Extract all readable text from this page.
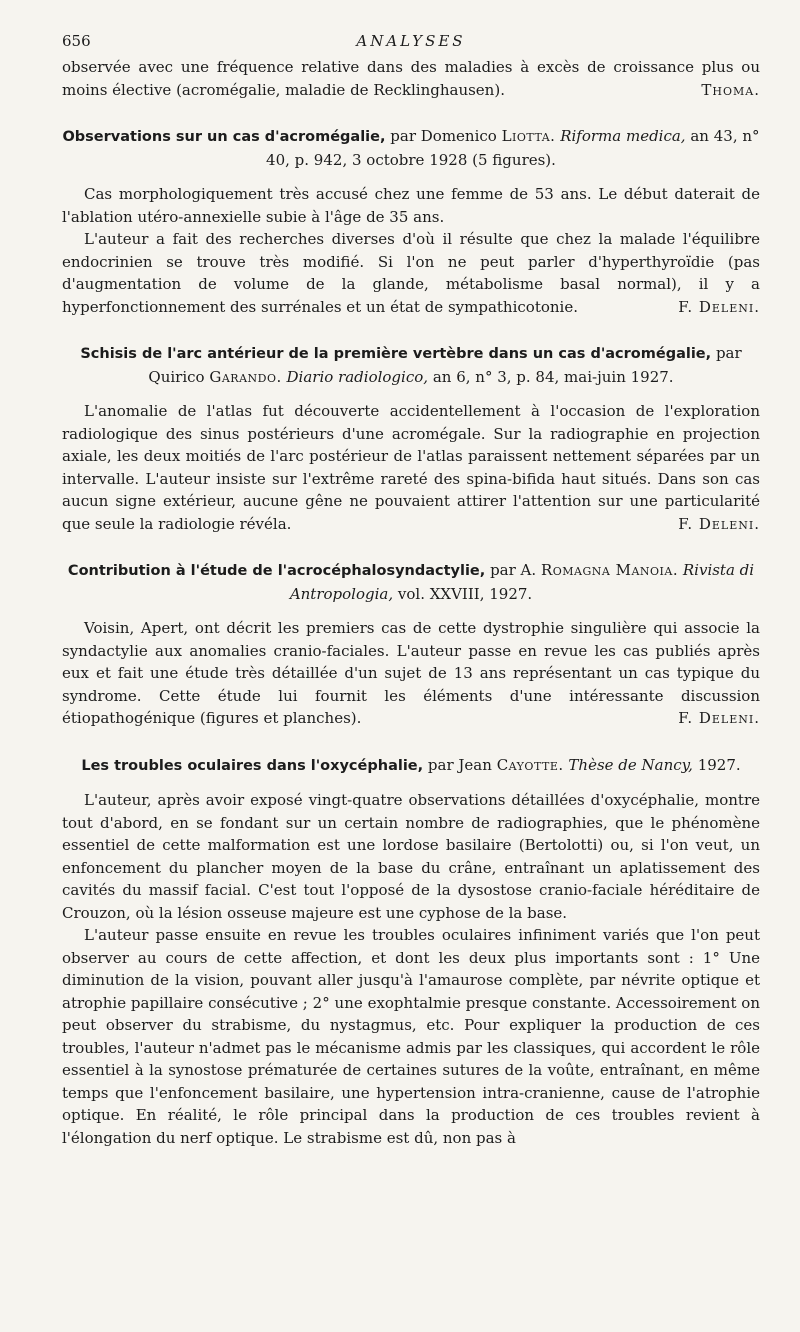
656	ANALYSES

observée avec une fréquence relative dans des maladies à excès de croissance plus ou moins élective (acromégalie, maladie de Recklinghausen).	Thoma.

Observations sur un cas d'acromégalie, par Domenico Liotta. Riforma medica, an 43, n° 40, p. 942, 3 octobre 1928 (5 figures).

Cas morphologiquement très accusé chez une femme de 53 ans. Le début daterait de l'ablation utéro-annexielle subie à l'âge de 35 ans.

L'auteur a fait des recherches diverses d'où il résulte que chez la malade l'équilibre endocrinien se trouve très modifié. Si l'on ne peut parler d'hyperthyroïdie (pas d'augmentation de volume de la glande, métabolisme basal normal), il y a hyperfonctionnement des surrénales et un état de sympathicotonie.	F. Deleni.

Schisis de l'arc antérieur de la première vertèbre dans un cas d'acromégalie, par Quirico Garando. Diario radiologico, an 6, n° 3, p. 84, mai-juin 1927.

L'anomalie de l'atlas fut découverte accidentellement à l'occasion de l'exploration radiologique des sinus postérieurs d'une acromégale. Sur la radiographie en projection axiale, les deux moitiés de l'arc postérieur de l'atlas paraissent nettement séparées par un intervalle. L'auteur insiste sur l'extrême rareté des spina-bifida haut situés. Dans son cas aucun signe extérieur, aucune gêne ne pouvaient attirer l'attention sur une particularité que seule la radiologie révéla.	F. Deleni.

Contribution à l'étude de l'acrocéphalosyndactylie, par A. Romagna Manoia. Rivista di Antropologia, vol. XXVIII, 1927.

Voisin, Apert, ont décrit les premiers cas de cette dystrophie singulière qui associe la syndactylie aux anomalies cranio-faciales. L'auteur passe en revue les cas publiés après eux et fait une étude très détaillée d'un sujet de 13 ans représentant un cas typique du syndrome. Cette étude lui fournit les éléments d'une intéressante discussion étiopathogénique (figures et planches).	F. Deleni.

Les troubles oculaires dans l'oxycéphalie, par Jean Cayotte. Thèse de Nancy, 1927.

L'auteur, après avoir exposé vingt-quatre observations détaillées d'oxycéphalie, montre tout d'abord, en se fondant sur un certain nombre de radiographies, que le phénomène essentiel de cette malformation est une lordose basilaire (Bertolotti) ou, si l'on veut, un enfoncement du plancher moyen de la base du crâne, entraînant un aplatissement des cavités du massif facial. C'est tout l'opposé de la dysostose cranio-faciale héréditaire de Crouzon, où la lésion osseuse majeure est une cyphose de la base.

L'auteur passe ensuite en revue les troubles oculaires infiniment variés que l'on peut observer au cours de cette affection, et dont les deux plus importants sont : 1° Une diminution de la vision, pouvant aller jusqu'à l'amaurose complète, par névrite optique et atrophie papillaire consécutive ; 2° une exophtalmie presque constante. Accessoirement on peut observer du strabisme, du nystagmus, etc. Pour expliquer la production de ces troubles, l'auteur n'admet pas le mécanisme admis par les classiques, qui accordent le rôle essentiel à la synostose prématurée de certaines sutures de la voûte, entraînant, en même temps que l'enfoncement basilaire, une hypertension intra-cranienne, cause de l'atrophie optique. En réalité, le rôle principal dans la production de ces troubles revient à l'élongation du nerf optique. Le strabisme est dû, non pas à
